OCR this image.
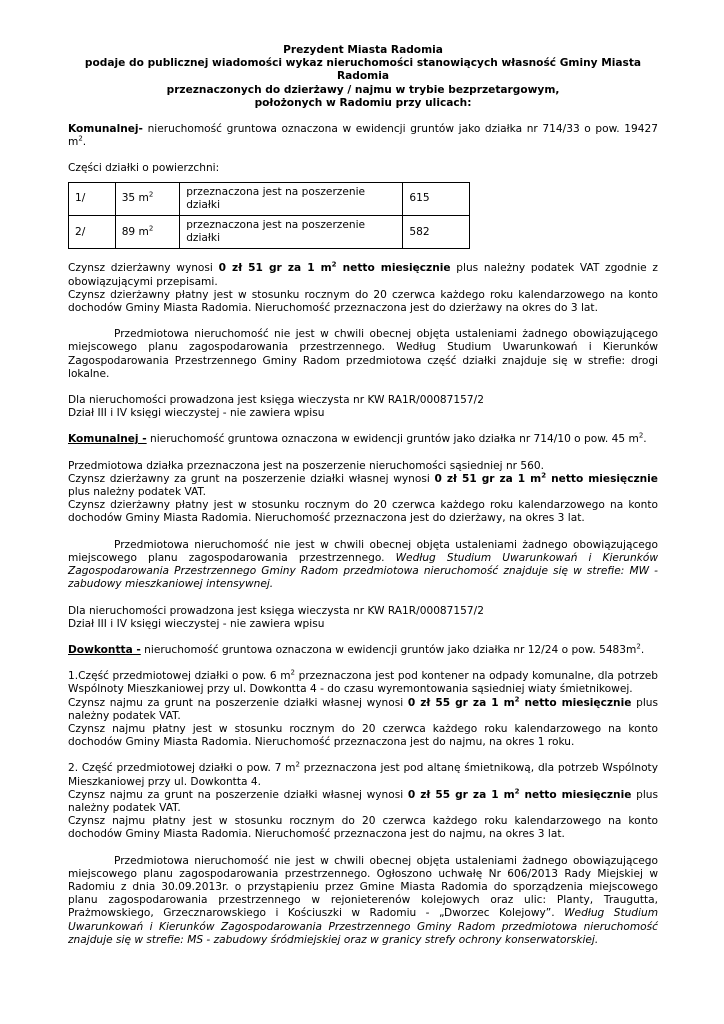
Prezydent Miasta Radomia
podaje do publicznej wiadomości wykaz nieruchomości stanowiących własność Gminy Miasta Radomia
przeznaczonych do dzierżawy / najmu w trybie bezprzetargowym,
położonych w Radomiu przy ulicach:

Komunalnej- nieruchomość gruntowa oznaczona w ewidencji gruntów jako działka nr 714/33 o pow. 19427 $m^2$.

Części działki o powierzchni:

1/	35 $m^2$	przeznaczona jest na poszerzenie działki	615
2/	89 $m^2$	przeznaczona jest na poszerzenie działki	582

Czynsz dzierżawny wynosi 0 zł 51 gr za 1 $m^2$ netto miesięcznie plus należny podatek VAT zgodnie z obowiązującymi przepisami.

Czynsz dzierżawny płatny jest w stosunku rocznym do 20 czerwca każdego roku kalendarzowego na konto dochodów Gminy Miasta Radomia. Nieruchomość przeznaczona jest do dzierżawy na okres do 3 lat.

Przedmiotowa nieruchomość nie jest w chwili obecnej objęta ustaleniami żadnego obowiązującego miejscowego planu zagospodarowania przestrzennego. Według Studium Uwarunkowań i Kierunków Zagospodarowania Przestrzennego Gminy Radom przedmiotowa część działki znajduje się w strefie: drogi lokalne.

Dla nieruchomości prowadzona jest księga wieczysta nr KW RA1R/00087157/2

Dział III i IV księgi wieczystej - nie zawiera wpisu

Komunalnej - nieruchomość gruntowa oznaczona w ewidencji gruntów jako działka nr 714/10 o pow. 45 $m^2$.

Przedmiotowa działka przeznaczona jest na poszerzenie nieruchomości sąsiedniej nr 560.

Czynsz dzierżawny za grunt na poszerzenie działki własnej wynosi 0 zł 51 gr za 1 $m^2$ netto miesięcznie plus należny podatek VAT.

Czynsz dzierżawny płatny jest w stosunku rocznym do 20 czerwca każdego roku kalendarzowego na konto dochodów Gminy Miasta Radomia. Nieruchomość przeznaczona jest do dzierżawy, na okres 3 lat.

Przedmiotowa nieruchomość nie jest w chwili obecnej objęta ustaleniami żadnego obowiązującego miejscowego planu zagospodarowania przestrzennego. Według Studium Uwarunkowań i Kierunków Zagospodarowania Przestrzennego Gminy Radom przedmiotowa nieruchomość znajduje się w strefie: MW - zabudowy mieszkaniowej intensywnej.

Dla nieruchomości prowadzona jest księga wieczysta nr KW RA1R/00087157/2

Dział III i IV księgi wieczystej - nie zawiera wpisu

Dowkontta - nieruchomość gruntowa oznaczona w ewidencji gruntów jako działka nr 12/24 o pow. $5483m^2$.

1.Część przedmiotowej działki o pow. 6 $m^2$ przeznaczona jest pod kontener na odpady komunalne, dla potrzeb Wspólnoty Mieszkaniowej przy ul. Dowkontta 4 - do czasu wyremontowania sąsiedniej wiaty śmietnikowej.

Czynsz najmu za grunt na poszerzenie działki własnej wynosi 0 zł 55 gr za 1 $m^2$ netto miesięcznie plus należny podatek VAT.

Czynsz najmu płatny jest w stosunku rocznym do 20 czerwca każdego roku kalendarzowego na konto dochodów Gminy Miasta Radomia. Nieruchomość przeznaczona jest do najmu, na okres 1 roku.

2. Część przedmiotowej działki o pow. 7 $m^2$ przeznaczona jest pod altanę śmietnikową, dla potrzeb Wspólnoty Mieszkaniowej przy ul. Dowkontta 4.

Czynsz najmu za grunt na poszerzenie działki własnej wynosi 0 zł 55 gr za 1 $m^2$ netto miesięcznie plus należny podatek VAT.

Czynsz najmu płatny jest w stosunku rocznym do 20 czerwca każdego roku kalendarzowego na konto dochodów Gminy Miasta Radomia. Nieruchomość przeznaczona jest do najmu, na okres 3 lat.

Przedmiotowa nieruchomość nie jest w chwili obecnej objęta ustaleniami żadnego obowiązującego miejscowego planu zagospodarowania przestrzennego. Ogłoszono uchwałę Nr 606/2013 Rady Miejskiej w Radomiu z dnia 30.09.2013r. o przystąpieniu przez Gmine Miasta Radomia do sporządzenia miejscowego planu zagospodarowania przestrzennego w rejonieterenów kolejowych oraz ulic: Planty, Traugutta, Prażmowskiego, Grzecznarowskiego i Kościuszki w Radomiu - „Dworzec Kolejowy”. Według Studium Uwarunkowań i Kierunków Zagospodarowania Przestrzennego Gminy Radom przedmiotowa nieruchomość znajduje się w strefie: MS - zabudowy śródmiejskiej oraz w granicy strefy ochrony konserwatorskiej.
